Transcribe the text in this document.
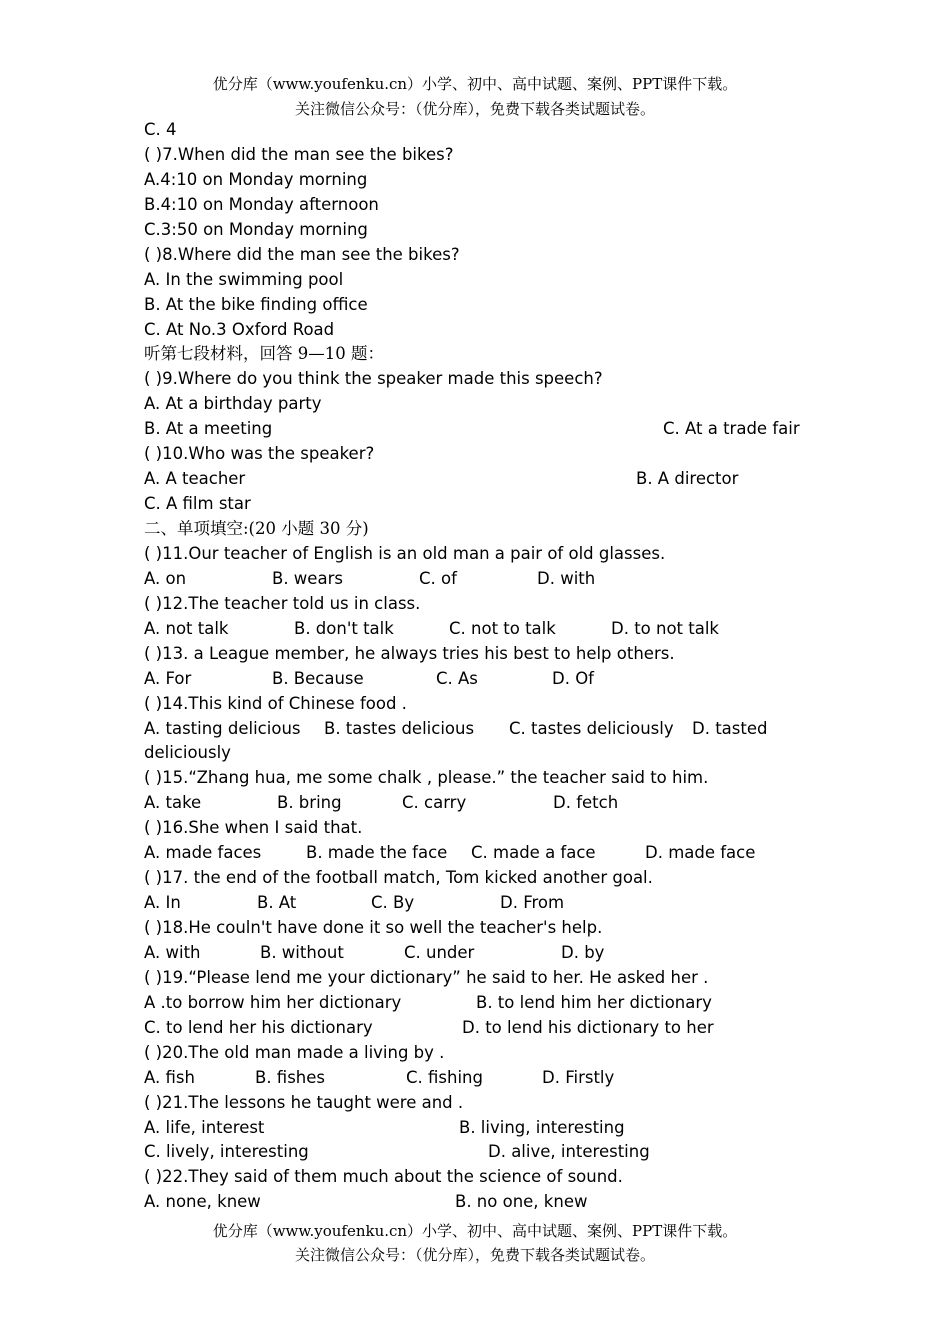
优分库（www.youfenku.cn）小学、初中、高中试题、案例、PPT课件下载。
关注微信公众号：（优分库），免费下载各类试题试卷。
C. 4
( )7.When did the man see the bikes?
A.4:10 on Monday morning
B.4:10 on Monday afternoon
C.3:50 on Monday morning
( )8.Where did the man see the bikes?
A. In the swimming pool
B. At the bike finding office
C. At No.3 Oxford Road
听第七段材料，回答 9—10 题：
( )9.Where do you think the speaker made this speech?
A. At a birthday party
B. At a meeting	C. At a trade fair
( )10.Who was the speaker?
A. A teacher	B. A director
C. A film star
二、单项填空:(20 小题 30 分)
( )11.Our teacher of English is an old man a pair of old glasses.
A. on	B. wears	C. of	D. with
( )12.The teacher told us in class.
A. not talk	B. don't talk	C. not to talk	D. to not talk
( )13. a League member, he always tries his best to help others.
A. For	B. Because	C. As	D. Of
( )14.This kind of Chinese food .
A. tasting delicious B. tastes delicious C. tastes deliciously D. tasted
deliciously
( )15.“Zhang hua, me some chalk , please.” the teacher said to him.
A. take	B. bring	C. carry	D. fetch
( )16.She when I said that.
A. made faces	B. made the face C. made a face	D. made face
( )17. the end of the football match, Tom kicked another goal.
A. In	B. At	C. By	D. From
( )18.He couln't have done it so well the teacher's help.
A. with	B. without	C. under	D. by
( )19.“Please lend me your dictionary” he said to her. He asked her .
A .to borrow him her dictionary	B. to lend him her dictionary
C. to lend her his dictionary	D. to lend his dictionary to her
( )20.The old man made a living by .
A. fish	B. fishes	C. fishing	D. Firstly
( )21.The lessons he taught were and .
A. life, interest	B. living, interesting
C. lively, interesting	D. alive, interesting
( )22.They said of them much about the science of sound.
A. none, knew	B. no one, knew
优分库（www.youfenku.cn）小学、初中、高中试题、案例、PPT课件下载。
关注微信公众号：（优分库），免费下载各类试题试卷。
